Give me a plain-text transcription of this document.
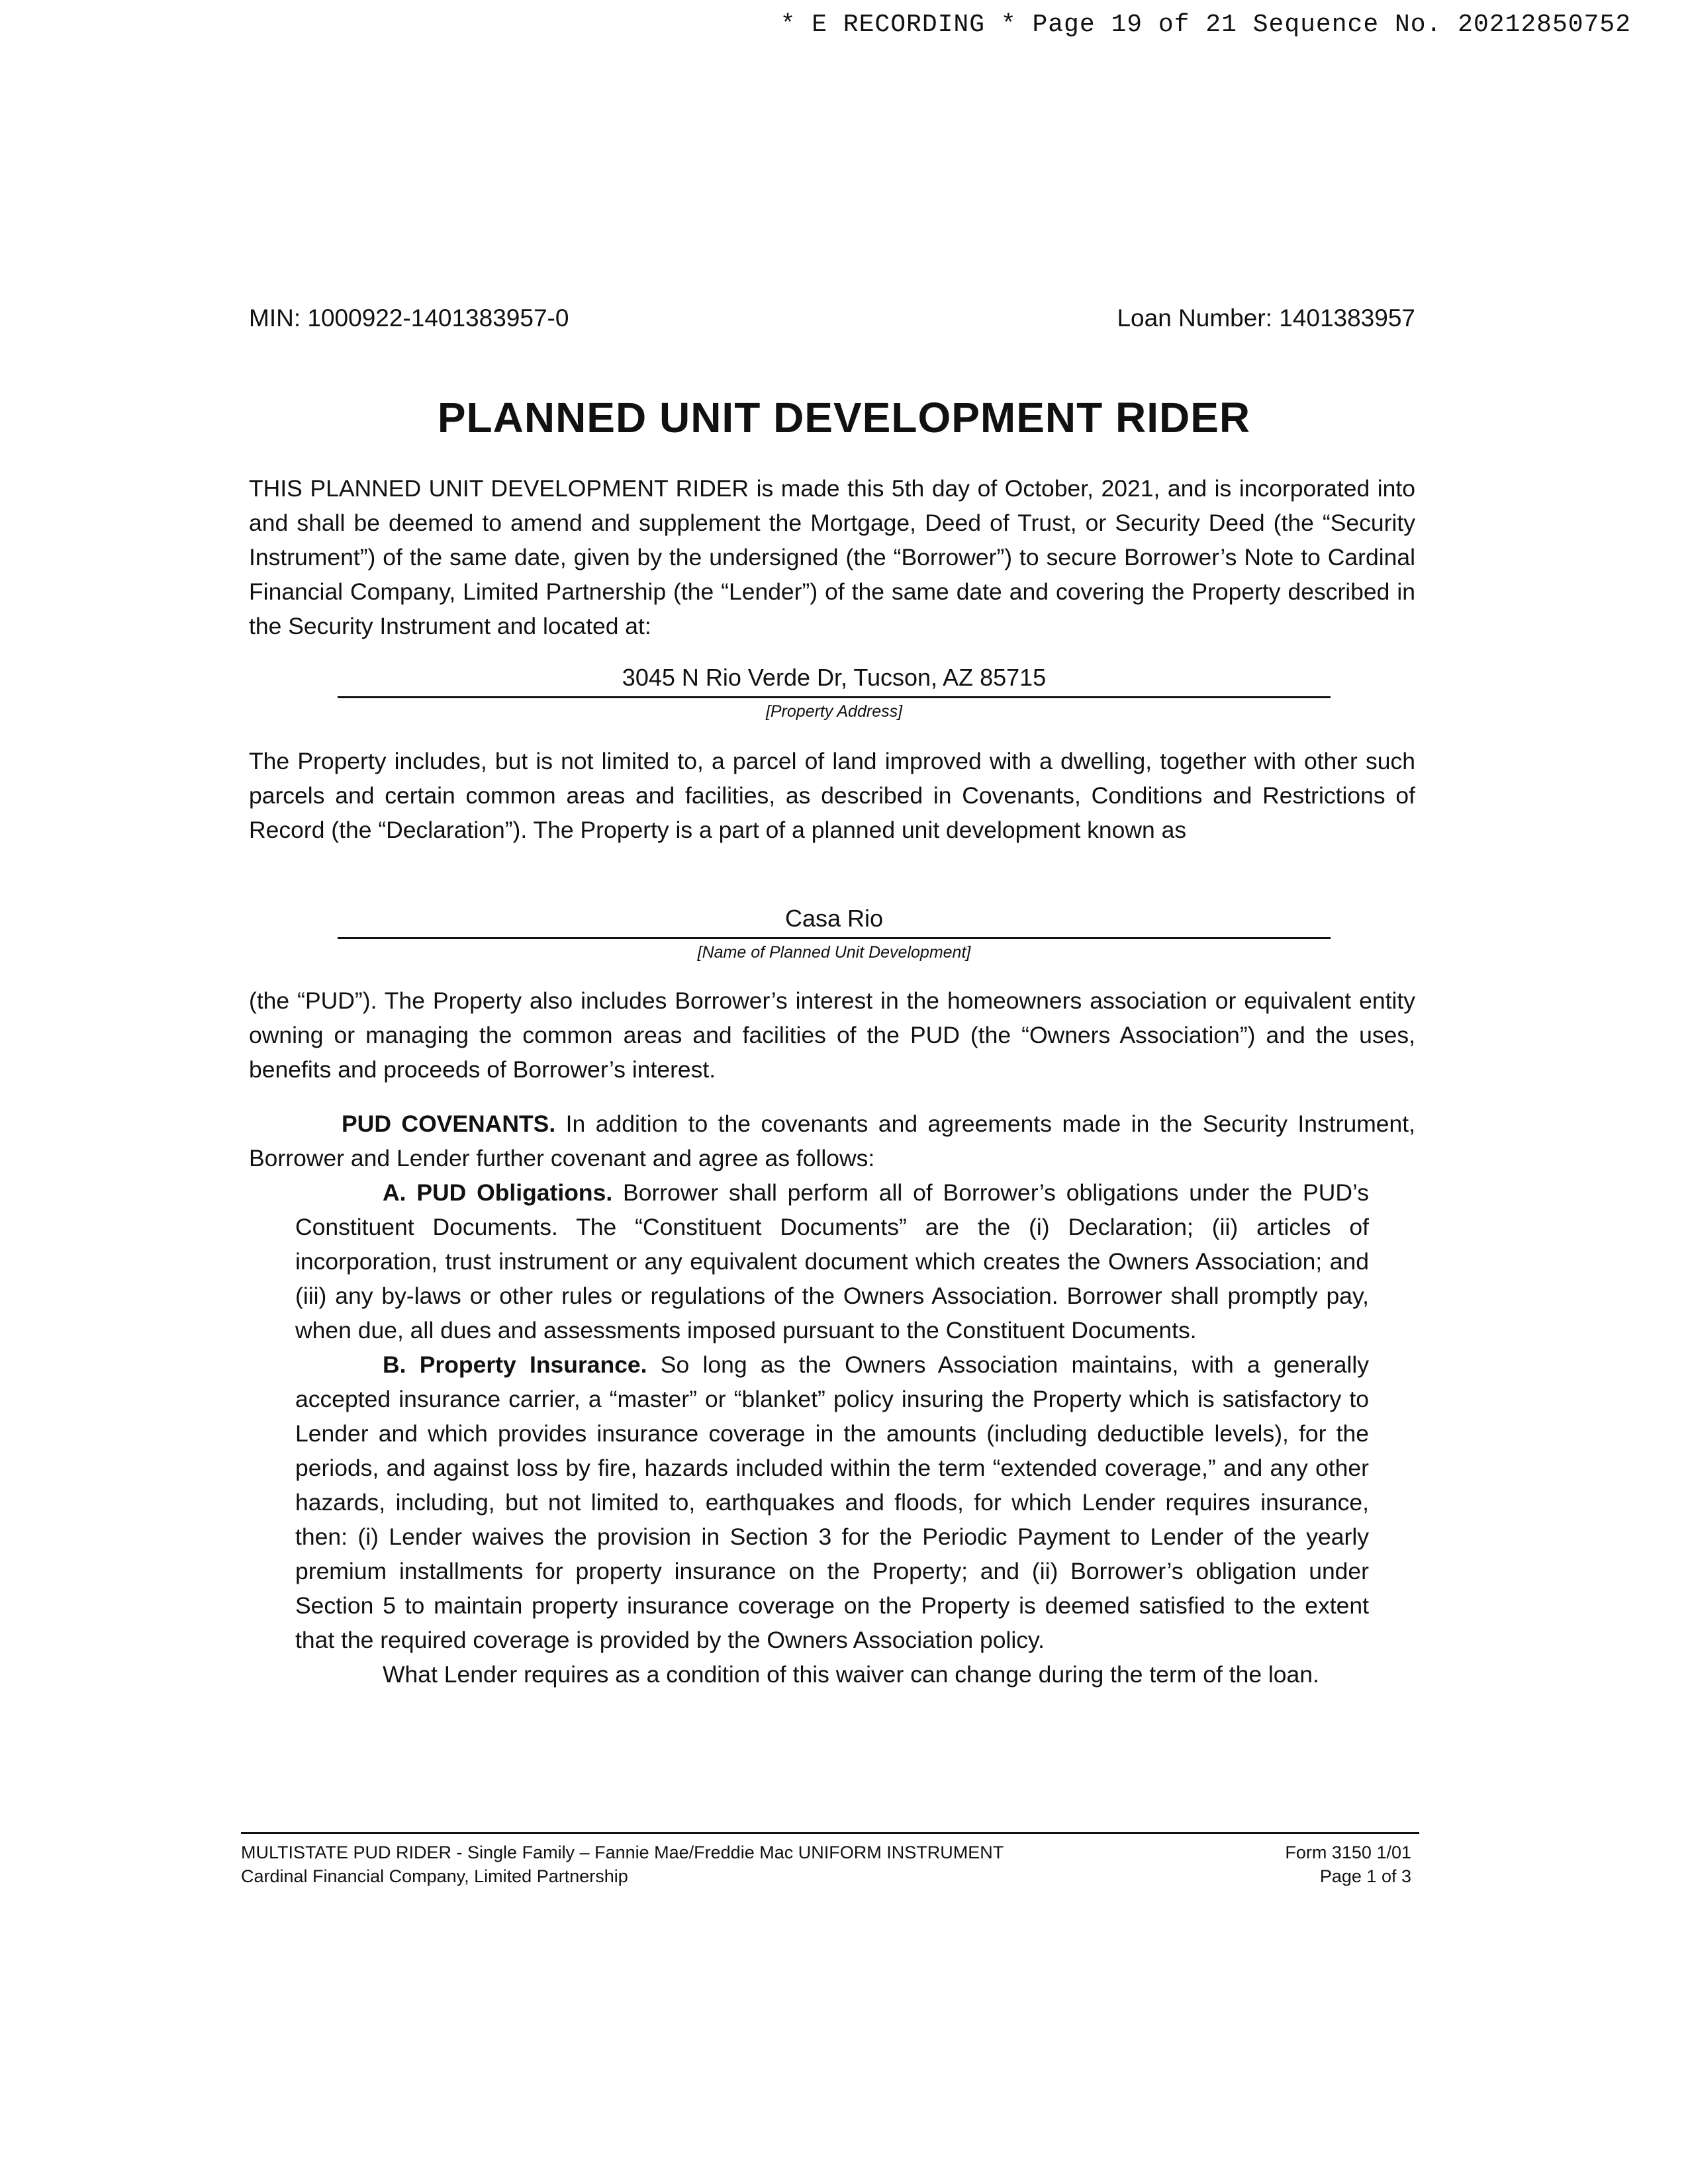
* E RECORDING * Page 19 of 21 Sequence No. 20212850752
MIN: 1000922-1401383957-0	Loan Number: 1401383957
PLANNED UNIT DEVELOPMENT RIDER
THIS PLANNED UNIT DEVELOPMENT RIDER is made this 5th day of October, 2021, and is incorporated into and shall be deemed to amend and supplement the Mortgage, Deed of Trust, or Security Deed (the “Security Instrument”) of the same date, given by the undersigned (the “Borrower”) to secure Borrower’s Note to Cardinal Financial Company, Limited Partnership (the “Lender”) of the same date and covering the Property described in the Security Instrument and located at:
3045 N Rio Verde Dr, Tucson, AZ 85715
[Property Address]
The Property includes, but is not limited to, a parcel of land improved with a dwelling, together with other such parcels and certain common areas and facilities, as described in Covenants, Conditions and Restrictions of Record (the “Declaration”). The Property is a part of a planned unit development known as
Casa Rio
[Name of Planned Unit Development]
(the “PUD”). The Property also includes Borrower’s interest in the homeowners association or equivalent entity owning or managing the common areas and facilities of the PUD (the “Owners Association”) and the uses, benefits and proceeds of Borrower’s interest.
PUD COVENANTS. In addition to the covenants and agreements made in the Security Instrument, Borrower and Lender further covenant and agree as follows:
A. PUD Obligations. Borrower shall perform all of Borrower’s obligations under the PUD’s Constituent Documents. The “Constituent Documents” are the (i) Declaration; (ii) articles of incorporation, trust instrument or any equivalent document which creates the Owners Association; and (iii) any by-laws or other rules or regulations of the Owners Association. Borrower shall promptly pay, when due, all dues and assessments imposed pursuant to the Constituent Documents.
B. Property Insurance. So long as the Owners Association maintains, with a generally accepted insurance carrier, a “master” or “blanket” policy insuring the Property which is satisfactory to Lender and which provides insurance coverage in the amounts (including deductible levels), for the periods, and against loss by fire, hazards included within the term “extended coverage,” and any other hazards, including, but not limited to, earthquakes and floods, for which Lender requires insurance, then: (i) Lender waives the provision in Section 3 for the Periodic Payment to Lender of the yearly premium installments for property insurance on the Property; and (ii) Borrower’s obligation under Section 5 to maintain property insurance coverage on the Property is deemed satisfied to the extent that the required coverage is provided by the Owners Association policy.
What Lender requires as a condition of this waiver can change during the term of the loan.
MULTISTATE PUD RIDER - Single Family – Fannie Mae/Freddie Mac UNIFORM INSTRUMENT	Form 3150 1/01
Cardinal Financial Company, Limited Partnership	Page 1 of 3
